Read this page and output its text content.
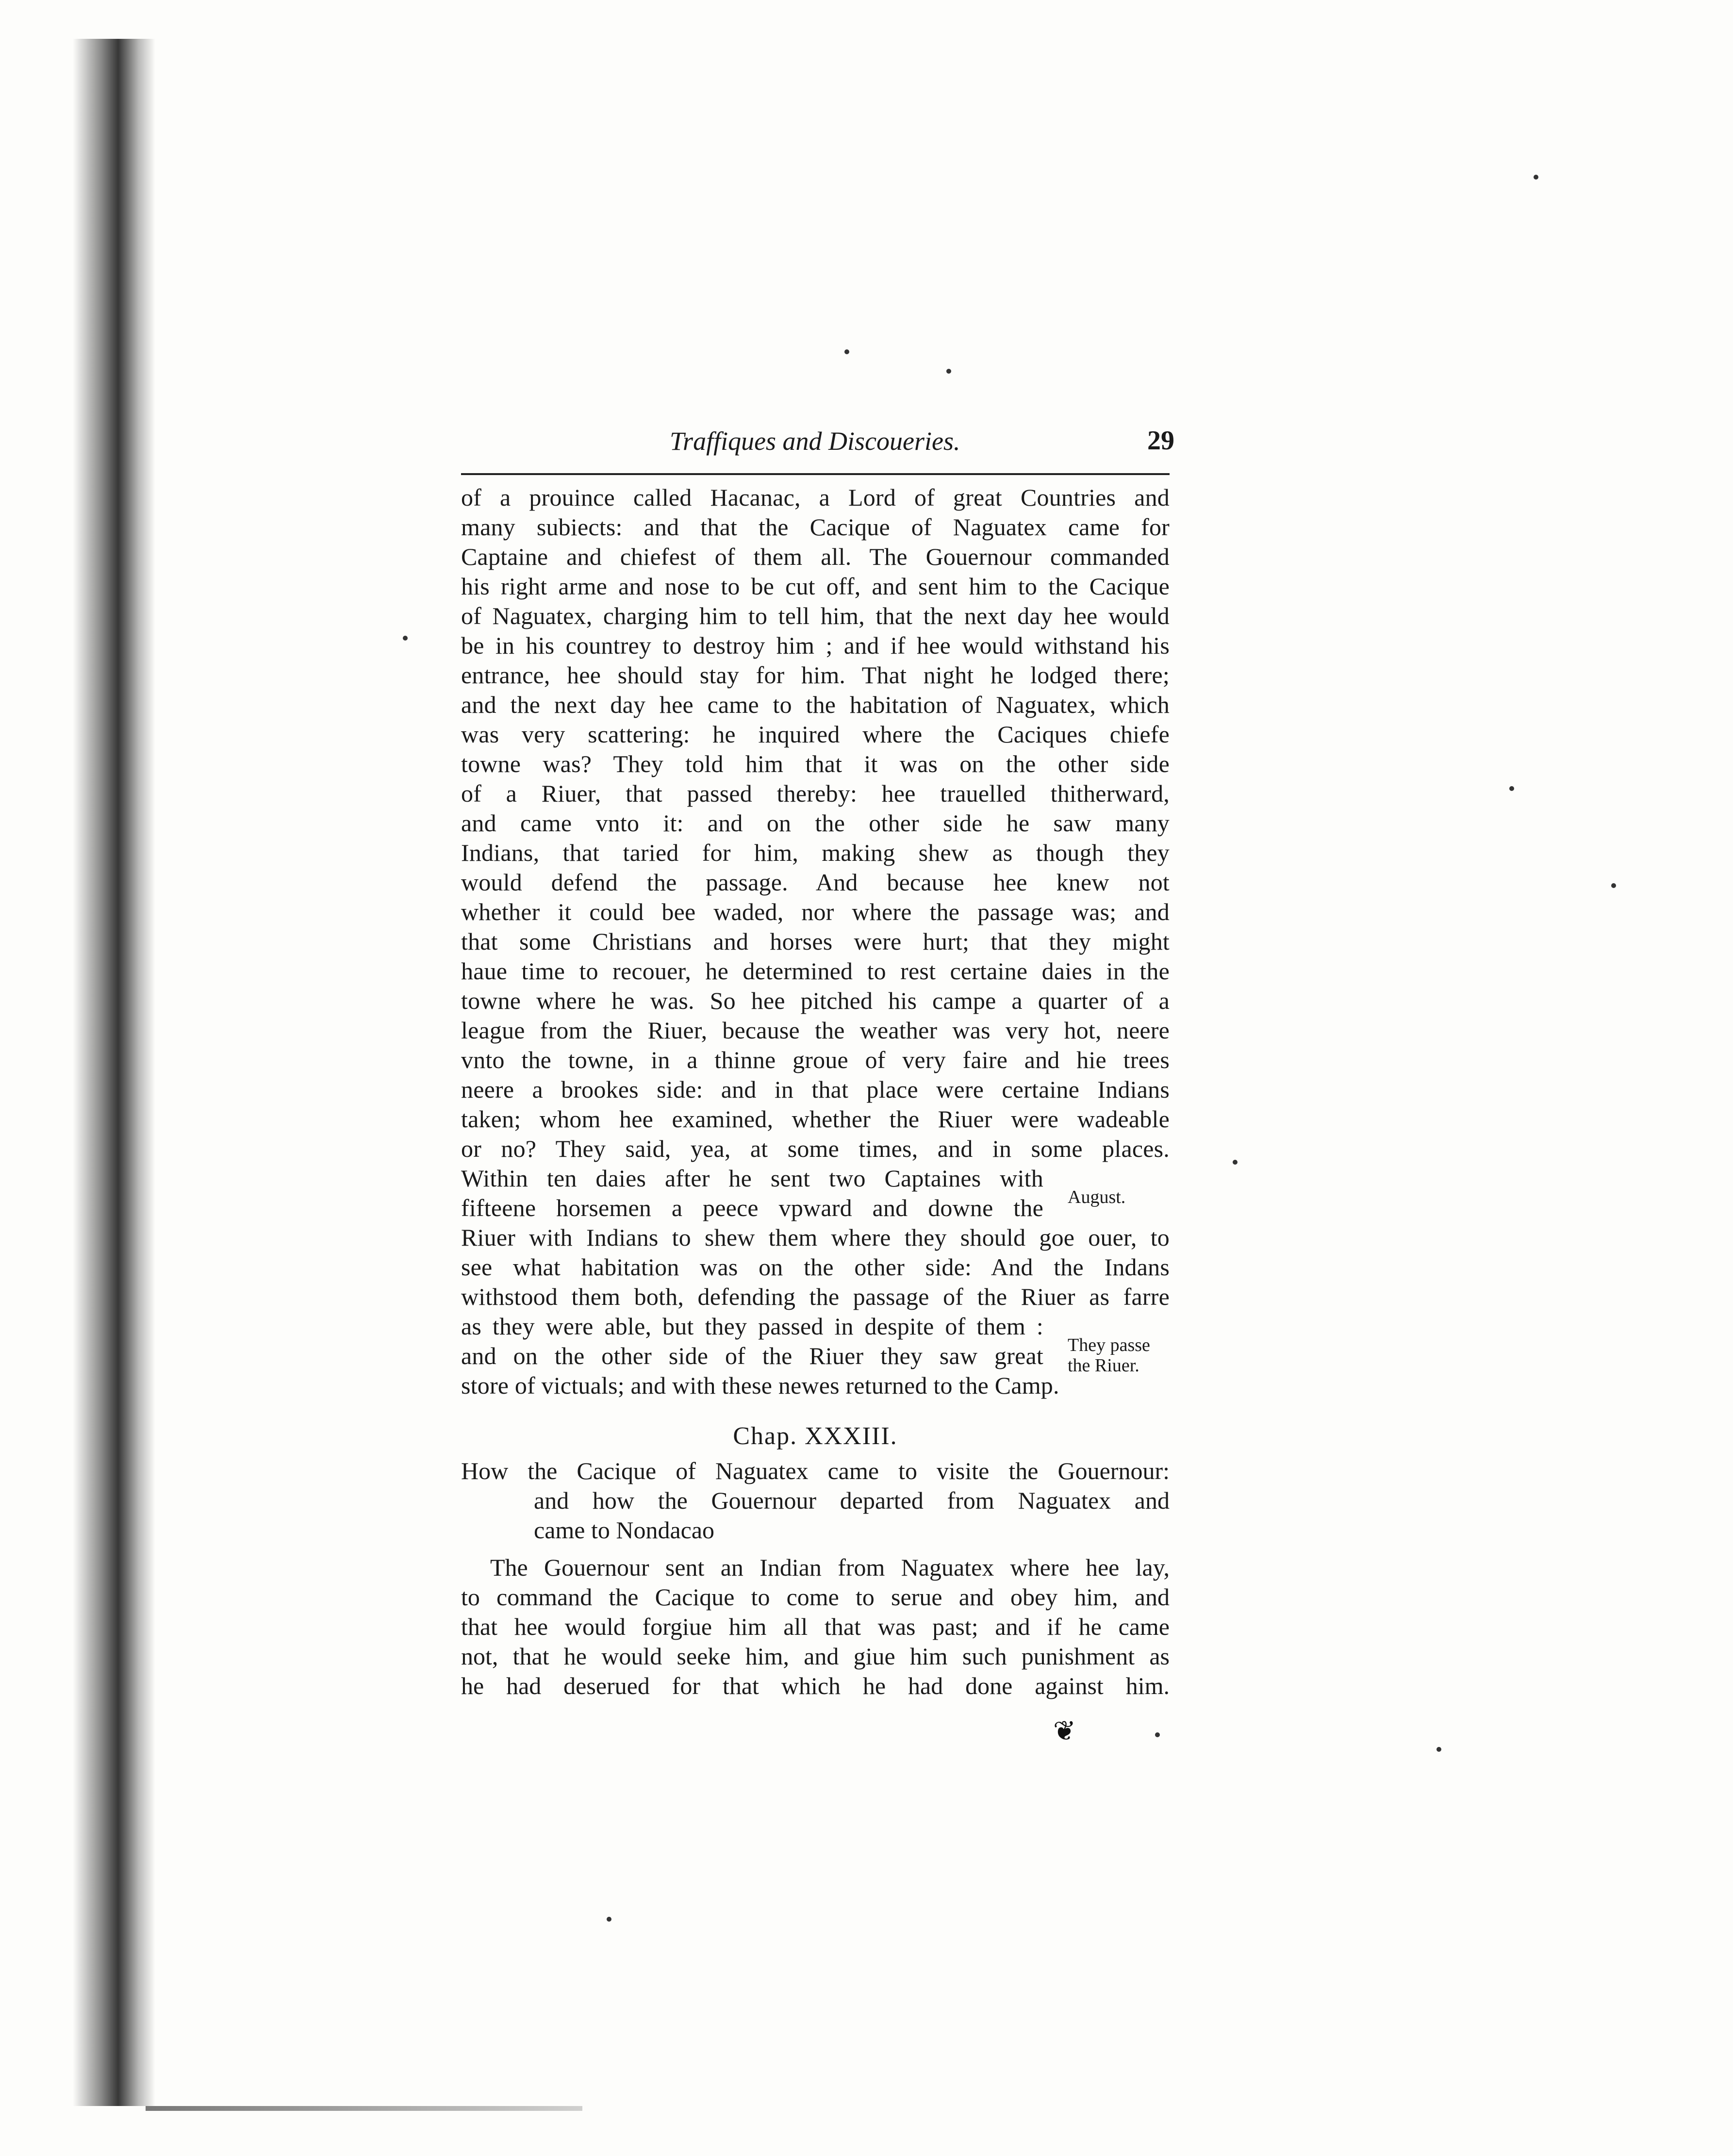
Traffiques and Discoueries.	29
of a prouince called Hacanac, a Lord of great Countries and
many subiects: and that the Cacique of Naguatex came for
Captaine and chiefest of them all. The Gouernour commanded
his right arme and nose to be cut off, and sent him to the Cacique
of Naguatex, charging him to tell him, that the next day hee would
be in his countrey to destroy him ; and if hee would withstand his
entrance, hee should stay for him. That night he lodged there;
and the next day hee came to the habitation of Naguatex, which
was very scattering: he inquired where the Caciques chiefe
towne was? They told him that it was on the other side
of a Riuer, that passed thereby: hee trauelled thitherward,
and came vnto it: and on the other side he saw many
Indians, that taried for him, making shew as though they
would defend the passage. And because hee knew not
whether it could bee waded, nor where the passage was; and
that some Christians and horses were hurt; that they might
haue time to recouer, he determined to rest certaine daies in the
towne where he was. So hee pitched his campe a quarter of a
league from the Riuer, because the weather was very hot, neere
vnto the towne, in a thinne groue of very faire and hie trees
neere a brookes side: and in that place were certaine Indians
taken; whom hee examined, whether the Riuer were wadeable
or no? They said, yea, at some times, and in some places.
Within ten daies after he sent two Captaines with
fifteene horsemen a peece vpward and downe the
Riuer with Indians to shew them where they should goe ouer, to
see what habitation was on the other side: And the Indans
withstood them both, defending the passage of the Riuer as farre
as they were able, but they passed in despite of them :
and on the other side of the Riuer they saw great
store of victuals; and with these newes returned to the Camp.
August.
They passe
the Riuer.
Chap. XXXIII.
How the Cacique of Naguatex came to visite the Gouernour:
and how the Gouernour departed from Naguatex and
came to Nondacao
The Gouernour sent an Indian from Naguatex where hee lay,
to command the Cacique to come to serue and obey him, and
that hee would forgiue him all that was past; and if he came
not, that he would seeke him, and giue him such punishment as
he had deserued for that which he had done against him.
❦
